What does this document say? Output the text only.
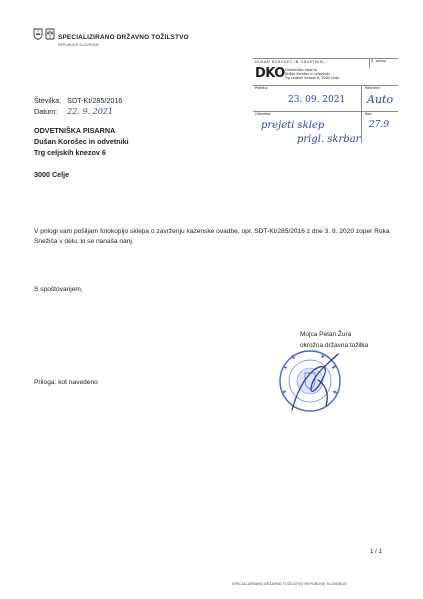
SPECIALIZIRANO DRŽAVNO TOŽILSTVO
REPUBLIKE SLOVENIJE
Številka: SDT-Kt/285/2016
Datum: 22. 9. 2021
ODVETNIŠKA PISARNA
Dušan Korošec in odvetniki
Trg celjskih knezov 6
3000 Celje
DUŠAN KOROŠEC IN ODVETNIKI	5. prilog
DKO Odvetniška pisarna
Dušan Korošec in odvetniki
Trg celjskih knezov 6, 3000 Celje
Prejeto:	Referent:
23. 09. 2021 Auto
Odvedbo:	Rok:
prejeti sklep	27.9
prigl. skrbar
V prilogi vam pošiljam fotokopijo sklepa o zavrženju kazenske ovadbe, opr. SDT-Kt/285/2016 z dne 3. 8. 2020 zoper Roka Snežiča v delu, ki se nanaša nanj.
S spoštovanjem,
Mojca Petan Žura
okrožna državna tožilka
Priloga: kot navedeno
1 / 1
SPECIALIZIRANO DRŽAVNO TOŽILSTVO REPUBLIKE SLOVENIJE
